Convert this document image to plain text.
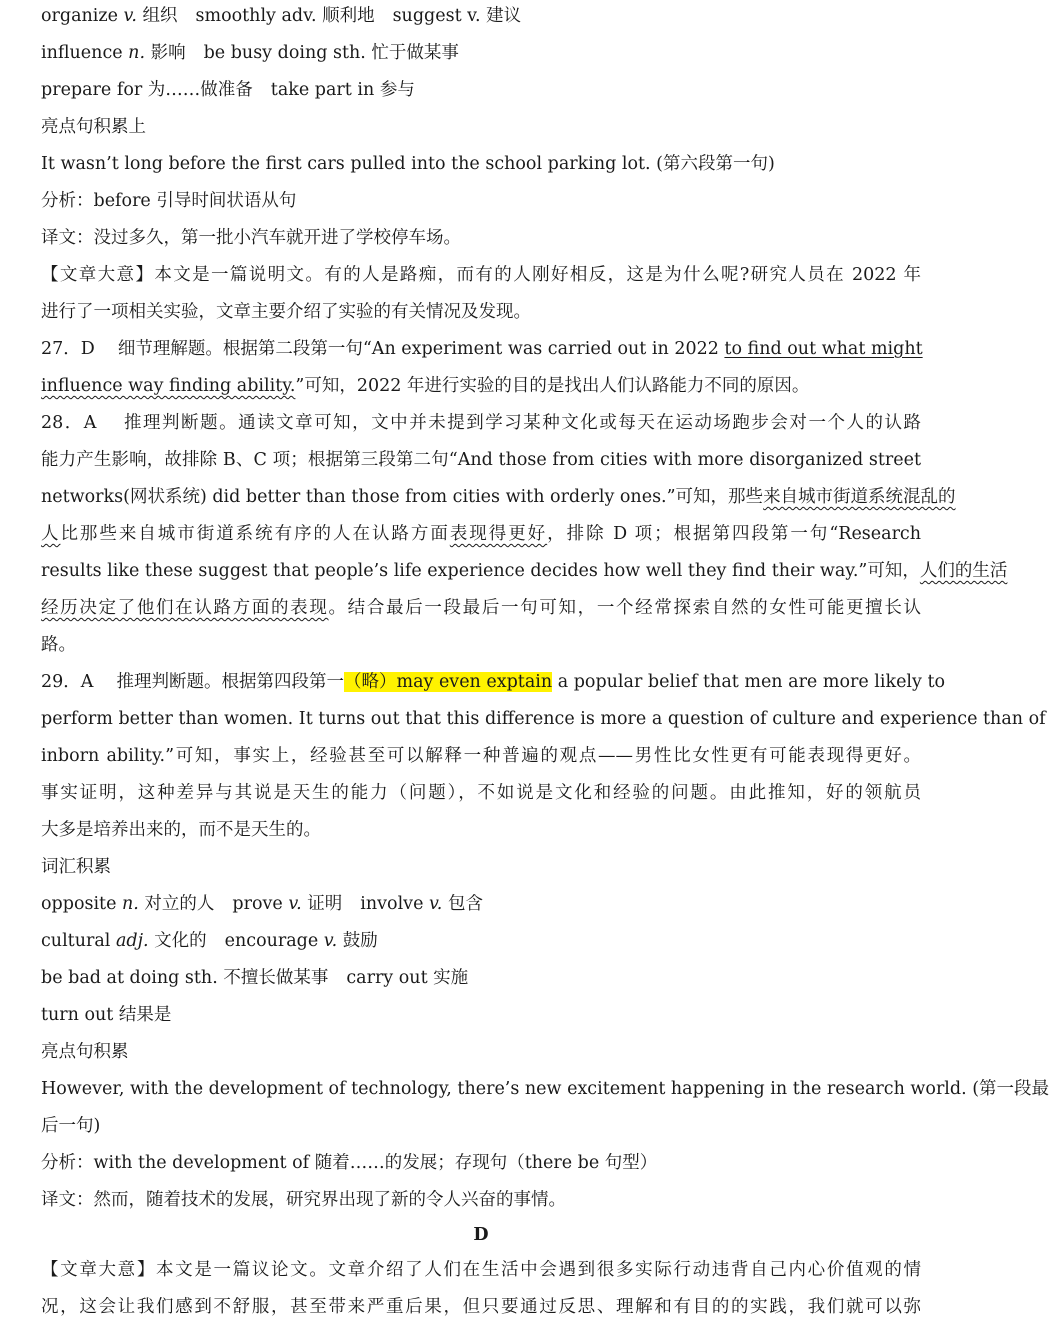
organize v. 组织 smoothly adv. 顺利地 suggest v. 建议
influence n. 影响 be busy doing sth. 忙于做某事
prepare for 为……做准备 take part in 参与
亮点句积累上
It wasn’t long before the first cars pulled into the school parking lot. (第六段第一句)
分析：before 引导时间状语从句
译文：没过多久，第一批小汽车就开进了学校停车场。
【文章大意】本文是一篇说明文。有的人是路痴，而有的人刚好相反，这是为什么呢?研究人员在 2022 年
进行了一项相关实验，文章主要介绍了实验的有关情况及发现。
27．D　 细节理解题。根据第二段第一句“An experiment was carried out in 2022 to find out what might
influence way finding ability.”可知，2022 年进行实验的目的是找出人们认路能力不同的原因。
28．A　 推理判断题。通读文章可知，文中并未提到学习某种文化或每天在运动场跑步会对一个人的认路
能力产生影响，故排除 B、C 项；根据第三段第二句“And those from cities with more disorganized street
networks(网状系统) did better than those from cities with orderly ones.”可知，那些来自城市街道系统混乱的
人比那些来自城市街道系统有序的人在认路方面表现得更好，排除 D 项；根据第四段第一句“Research
results like these suggest that people’s life experience decides how well they find their way.”可知，人们的生活
经历决定了他们在认路方面的表现。结合最后一段最后一句可知，一个经常探索自然的女性可能更擅长认
路。
29．A　 推理判断题。根据第四段第一（略）may even exptain a popular belief that men are more likely to
perform better than women. It turns out that this difference is more a question of culture and experience than of
inborn ability.”可知，事实上，经验甚至可以解释一种普遍的观点——男性比女性更有可能表现得更好。
事实证明，这种差异与其说是天生的能力（问题），不如说是文化和经验的问题。由此推知，好的领航员
大多是培养出来的，而不是天生的。
词汇积累
opposite n. 对立的人 prove v. 证明 involve v. 包含
cultural adj. 文化的 encourage v. 鼓励
be bad at doing sth. 不擅长做某事 carry out 实施
turn out 结果是
亮点句积累
However, with the development of technology, there’s new excitement happening in the research world. (第一段最
后一句)
分析：with the development of 随着……的发展；存现句（there be 句型）
译文：然而，随着技术的发展，研究界出现了新的令人兴奋的事情。
D
【文章大意】本文是一篇议论文。文章介绍了人们在生活中会遇到很多实际行动违背自己内心价值观的情
况，这会让我们感到不舒服，甚至带来严重后果，但只要通过反思、理解和有目的的实践，我们就可以弥
